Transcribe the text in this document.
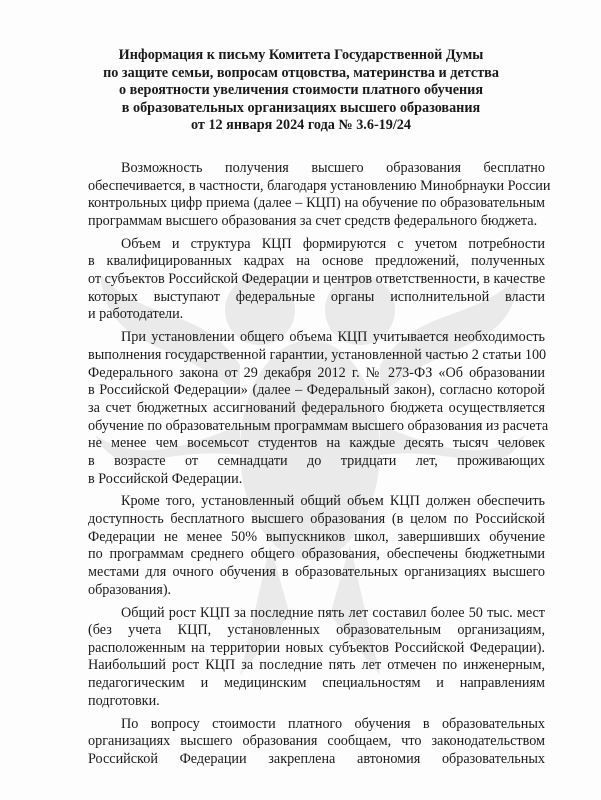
Информация к письму Комитета Государственной Думы
по защите семьи, вопросам отцовства, материнства и детства
о вероятности увеличения стоимости платного обучения
в образовательных организациях высшего образования
от 12 января 2024 года № 3.6-19/24
Возможность получения высшего образования бесплатно
обеспечивается, в частности, благодаря установлению Минобрнауки России
контрольных цифр приема (далее – КЦП) на обучение по образовательным
программам высшего образования за счет средств федерального бюджета.
Объем и структура КЦП формируются с учетом потребности
в квалифицированных кадрах на основе предложений, полученных
от субъектов Российской Федерации и центров ответственности, в качестве
которых выступают федеральные органы исполнительной власти
и работодатели.
При установлении общего объема КЦП учитывается необходимость
выполнения государственной гарантии, установленной частью 2 статьи 100
Федерального закона от 29 декабря 2012 г. № 273-ФЗ «Об образовании
в Российской Федерации» (далее – Федеральный закон), согласно которой
за счет бюджетных ассигнований федерального бюджета осуществляется
обучение по образовательным программам высшего образования из расчета
не менее чем восемьсот студентов на каждые десять тысяч человек
в возрасте от семнадцати до тридцати лет, проживающих
в Российской Федерации.
Кроме того, установленный общий объем КЦП должен обеспечить
доступность бесплатного высшего образования (в целом по Российской
Федерации не менее 50% выпускников школ, завершивших обучение
по программам среднего общего образования, обеспечены бюджетными
местами для очного обучения в образовательных организациях высшего
образования).
Общий рост КЦП за последние пять лет составил более 50 тыс. мест
(без учета КЦП, установленных образовательным организациям,
расположенным на территории новых субъектов Российской Федерации).
Наибольший рост КЦП за последние пять лет отмечен по инженерным,
педагогическим и медицинским специальностям и направлениям
подготовки.
По вопросу стоимости платного обучения в образовательных
организациях высшего образования сообщаем, что законодательством
Российской Федерации закреплена автономия образовательных
